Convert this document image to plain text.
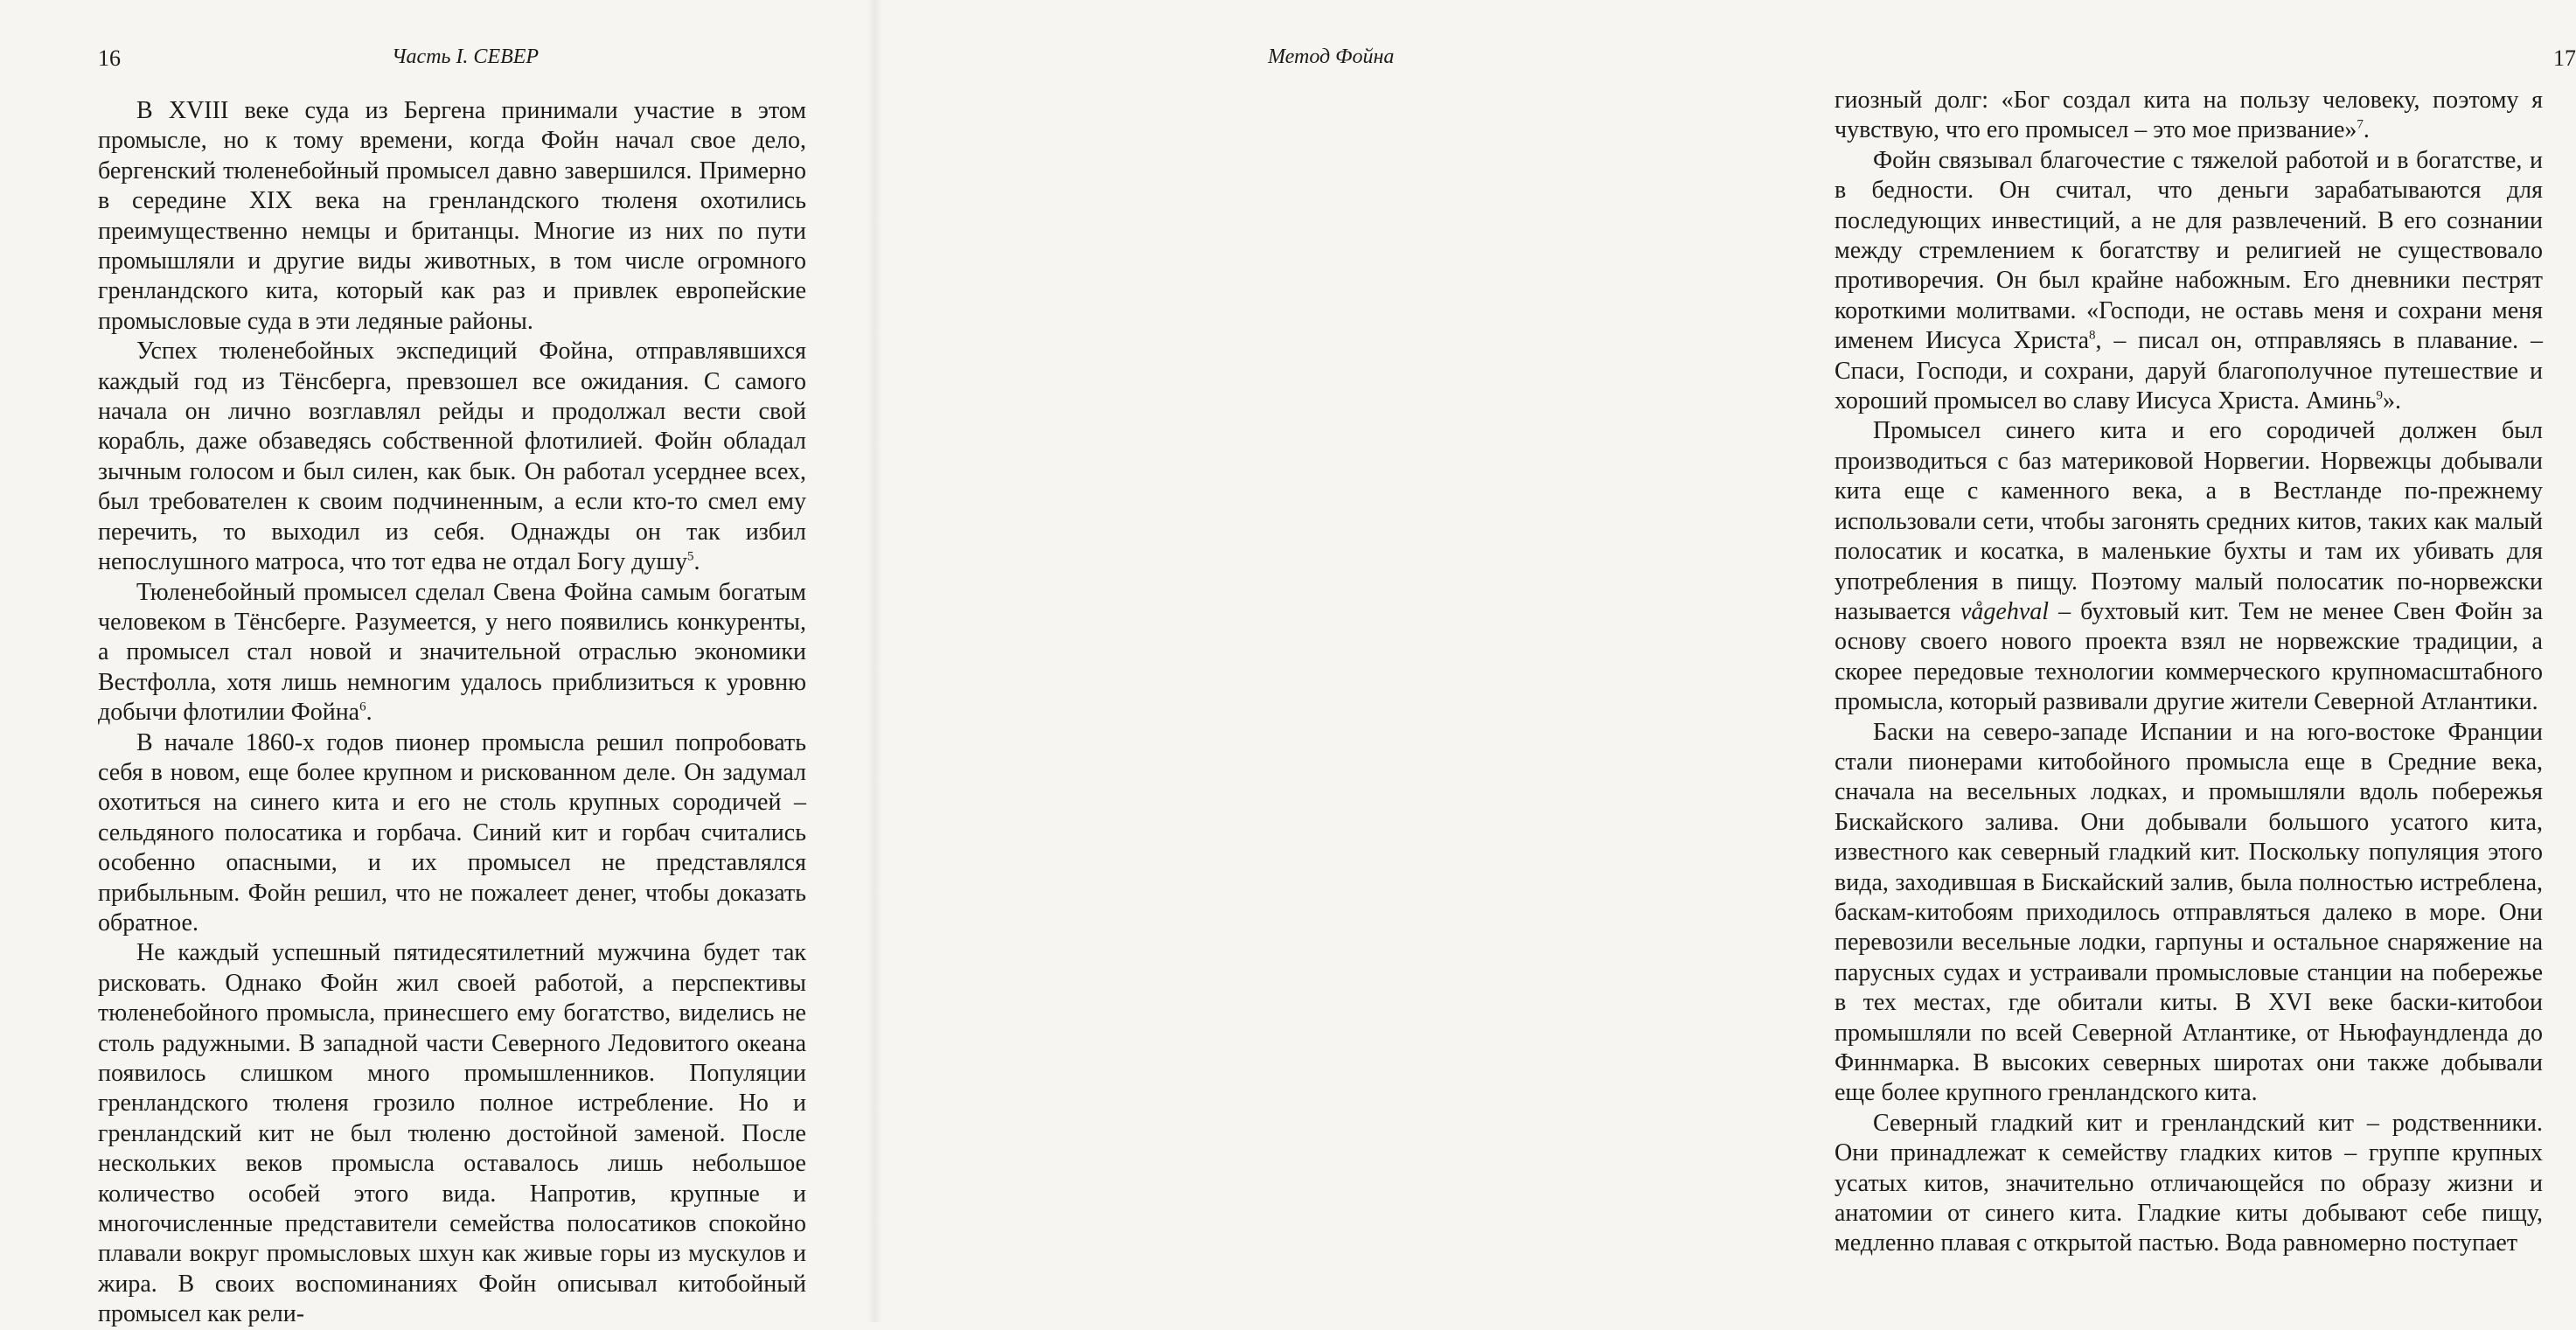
16	Часть I. СЕВЕР

В XVIII веке суда из Бергена принимали участие в этом промысле, но к тому времени, когда Фойн начал свое дело, бергенский тюленебойный промысел давно завершился. Примерно в середине XIX века на гренландского тюленя охотились преимущественно немцы и британцы. Многие из них по пути промышляли и другие виды животных, в том числе огромного гренландского кита, который как раз и привлек европейские промысловые суда в эти ледяные районы.

Успех тюленебойных экспедиций Фойна, отправлявшихся каждый год из Тёнсберга, превзошел все ожидания. С самого начала он лично возглавлял рейды и продолжал вести свой корабль, даже обзаведясь собственной флотилией. Фойн обладал зычным голосом и был силен, как бык. Он работал усерднее всех, был требователен к своим подчиненным, а если кто-то смел ему перечить, то выходил из себя. Однажды он так избил непослушного матроса, что тот едва не отдал Богу душу$^5$.

Тюленебойный промысел сделал Свена Фойна самым богатым человеком в Тёнсберге. Разумеется, у него появились конкуренты, а промысел стал новой и значительной отраслью экономики Вестфолла, хотя лишь немногим удалось приблизиться к уровню добычи флотилии Фойна$^6$.

В начале 1860-х годов пионер промысла решил попробовать себя в новом, еще более крупном и рискованном деле. Он задумал охотиться на синего кита и его не столь крупных сородичей – сельдяного полосатика и горбача. Синий кит и горбач считались особенно опасными, и их промысел не представлялся прибыльным. Фойн решил, что не пожалеет денег, чтобы доказать обратное.

Не каждый успешный пятидесятилетний мужчина будет так рисковать. Однако Фойн жил своей работой, а перспективы тюленебойного промысла, принесшего ему богатство, виделись не столь радужными. В западной части Северного Ледовитого океана появилось слишком много промышленников. Популяции гренландского тюленя грозило полное истребление. Но и гренландский кит не был тюленю достойной заменой. После нескольких веков промысла оставалось лишь небольшое количество особей этого вида. Напротив, крупные и многочисленные представители семейства полосатиков спокойно плавали вокруг промысловых шхун как живые горы из мускулов и жира. В своих воспоминаниях Фойн описывал китобойный промысел как рели-

Метод Фойна	17

гиозный долг: «Бог создал кита на пользу человеку, поэтому я чувствую, что его промысел – это мое призвание»$^7$.

Фойн связывал благочестие с тяжелой работой и в богатстве, и в бедности. Он считал, что деньги зарабатываются для последующих инвестиций, а не для развлечений. В его сознании между стремлением к богатству и религией не существовало противоречия. Он был крайне набожным. Его дневники пестрят короткими молитвами. «Господи, не оставь меня и сохрани меня именем Иисуса Христа$^8$, – писал он, отправляясь в плавание. – Спаси, Господи, и сохрани, даруй благополучное путешествие и хороший промысел во славу Иисуса Христа. Аминь$^9$».

Промысел синего кита и его сородичей должен был производиться с баз материковой Норвегии. Норвежцы добывали кита еще с каменного века, а в Вестланде по-прежнему использовали сети, чтобы загонять средних китов, таких как малый полосатик и косатка, в маленькие бухты и там их убивать для употребления в пищу. Поэтому малый полосатик по-норвежски называется vågehval – бухтовый кит. Тем не менее Свен Фойн за основу своего нового проекта взял не норвежские традиции, а скорее передовые технологии коммерческого крупномасштабного промысла, который развивали другие жители Северной Атлантики.

Баски на северо-западе Испании и на юго-востоке Франции стали пионерами китобойного промысла еще в Средние века, сначала на весельных лодках, и промышляли вдоль побережья Бискайского залива. Они добывали большого усатого кита, известного как северный гладкий кит. Поскольку популяция этого вида, заходившая в Бискайский залив, была полностью истреблена, баскам-китобоям приходилось отправляться далеко в море. Они перевозили весельные лодки, гарпуны и остальное снаряжение на парусных судах и устраивали промысловые станции на побережье в тех местах, где обитали киты. В XVI веке баски-китобои промышляли по всей Северной Атлантике, от Ньюфаундленда до Финнмарка. В высоких северных широтах они также добывали еще более крупного гренландского кита.

Северный гладкий кит и гренландский кит – родственники. Они принадлежат к семейству гладких китов – группе крупных усатых китов, значительно отличающейся по образу жизни и анатомии от синего кита. Гладкие киты добывают себе пищу, медленно плавая с открытой пастью. Вода равномерно поступает
